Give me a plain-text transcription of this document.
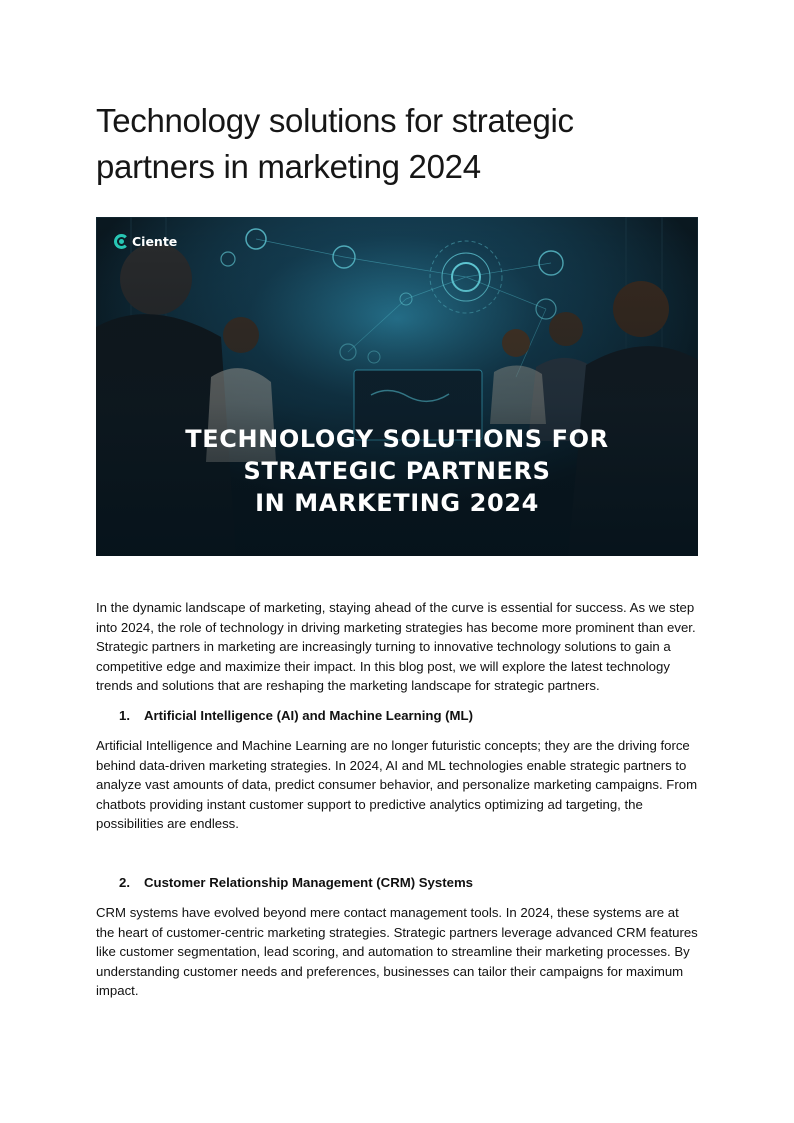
Technology solutions for strategic partners in marketing 2024
Ciente
TECHNOLOGY SOLUTIONS FOR
STRATEGIC PARTNERS
IN MARKETING 2024

In the dynamic landscape of marketing, staying ahead of the curve is essential for success. As we step into 2024, the role of technology in driving marketing strategies has become more prominent than ever. Strategic partners in marketing are increasingly turning to innovative technology solutions to gain a competitive edge and maximize their impact. In this blog post, we will explore the latest technology trends and solutions that are reshaping the marketing landscape for strategic partners.

1.	Artificial Intelligence (AI) and Machine Learning (ML)

Artificial Intelligence and Machine Learning are no longer futuristic concepts; they are the driving force behind data-driven marketing strategies. In 2024, AI and ML technologies enable strategic partners to analyze vast amounts of data, predict consumer behavior, and personalize marketing campaigns. From chatbots providing instant customer support to predictive analytics optimizing ad targeting, the possibilities are endless.

2.	Customer Relationship Management (CRM) Systems

CRM systems have evolved beyond mere contact management tools. In 2024, these systems are at the heart of customer-centric marketing strategies. Strategic partners leverage advanced CRM features like customer segmentation, lead scoring, and automation to streamline their marketing processes. By understanding customer needs and preferences, businesses can tailor their campaigns for maximum impact.
